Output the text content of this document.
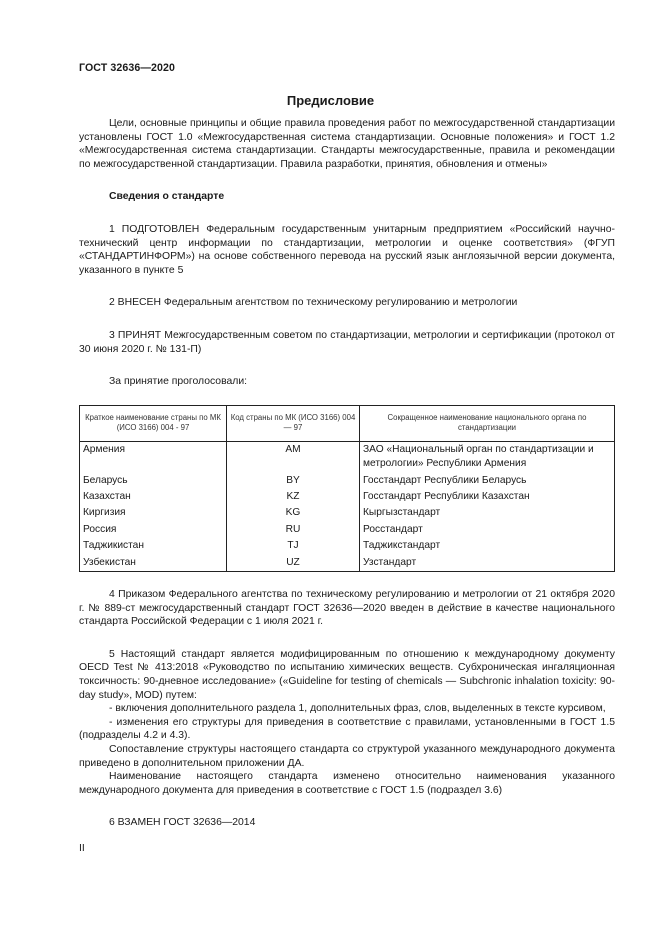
ГОСТ 32636—2020
Предисловие

Цели, основные принципы и общие правила проведения работ по межгосударственной стандартизации установлены ГОСТ 1.0 «Межгосударственная система стандартизации. Основные положения» и ГОСТ 1.2 «Межгосударственная система стандартизации. Стандарты межгосударственные, правила и рекомендации по межгосударственной стандартизации. Правила разработки, принятия, обновления и отмены»

Сведения о стандарте

1 ПОДГОТОВЛЕН Федеральным государственным унитарным предприятием «Российский научно-технический центр информации по стандартизации, метрологии и оценке соответствия» (ФГУП «СТАНДАРТИНФОРМ») на основе собственного перевода на русский язык англоязычной версии документа, указанного в пункте 5

2 ВНЕСЕН Федеральным агентством по техническому регулированию и метрологии

3 ПРИНЯТ Межгосударственным советом по стандартизации, метрологии и сертификации (протокол от 30 июня 2020 г. № 131-П)

За принятие проголосовали:

Краткое наименование страны по МК (ИСО 3166) 004 - 97	Код страны по МК (ИСО 3166) 004— 97	Сокращенное наименование национального органа по стандартизации
Армения	AM	ЗАО «Национальный орган по стандартизации и метрологии» Республики Армения
Беларусь	BY	Госстандарт Республики Беларусь
Казахстан	KZ	Госстандарт Республики Казахстан
Киргизия	KG	Кыргызстандарт
Россия	RU	Росстандарт
Таджикистан	TJ	Таджикстандарт
Узбекистан	UZ	Узстандарт

4 Приказом Федерального агентства по техническому регулированию и метрологии от 21 октября 2020 г. № 889-ст межгосударственный стандарт ГОСТ 32636—2020 введен в действие в качестве национального стандарта Российской Федерации с 1 июля 2021 г.

5 Настоящий стандарт является модифицированным по отношению к международному документу OECD Test № 413:2018 «Руководство по испытанию химических веществ. Субхроническая ингаляционная токсичность: 90-дневное исследование» («Guideline for testing of chemicals — Subchronic inhalation toxicity: 90-day study», MOD) путем:

- включения дополнительного раздела 1, дополнительных фраз, слов, выделенных в тексте курсивом,

- изменения его структуры для приведения в соответствие с правилами, установленными в ГОСТ 1.5 (подразделы 4.2 и 4.3).

Сопоставление структуры настоящего стандарта со структурой указанного международного документа приведено в дополнительном приложении ДА.

Наименование настоящего стандарта изменено относительно наименования указанного международного документа для приведения в соответствие с ГОСТ 1.5 (подраздел 3.6)

6 ВЗАМЕН ГОСТ 32636—2014

II
